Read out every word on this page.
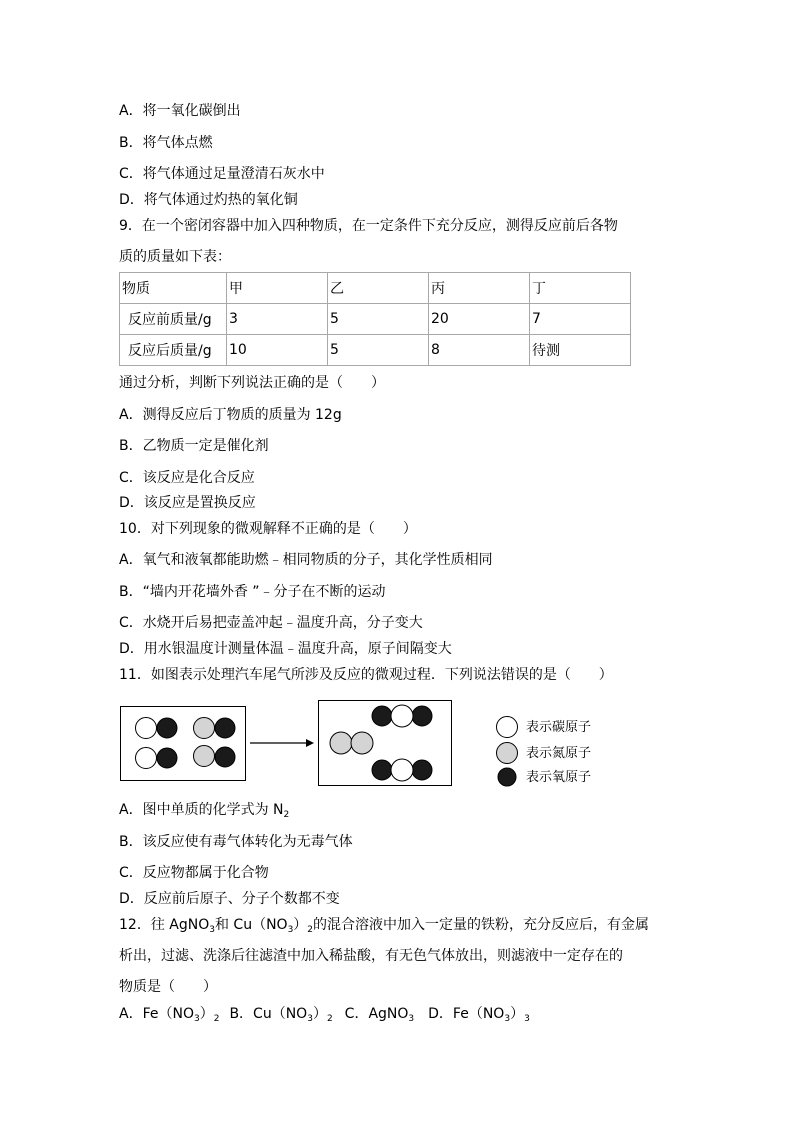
A．将一氧化碳倒出
B．将气体点燃
C．将气体通过足量澄清石灰水中
D．将气体通过灼热的氧化铜
9．在一个密闭容器中加入四种物质，在一定条件下充分反应，测得反应前后各物
质的质量如下表：
物质	甲	乙	丙	丁
反应前质量/g	3	5	20	7
反应后质量/g	10	5	8	待测
通过分析，判断下列说法正确的是（　　）
A．测得反应后丁物质的质量为 12g
B．乙物质一定是催化剂
C．该反应是化合反应
D．该反应是置换反应
10．对下列现象的微观解释不正确的是（　　）
A．氧气和液氧都能助燃﹣相同物质的分子，其化学性质相同
B．“墙内开花墙外香 ”﹣分子在不断的运动
C．水烧开后易把壶盖冲起﹣温度升高，分子变大
D．用水银温度计测量体温﹣温度升高，原子间隔变大
11．如图表示处理汽车尾气所涉及反应的微观过程．下列说法错误的是（　　）
表示碳原子
表示氮原子
表示氧原子
A．图中单质的化学式为 $N_2$
B．该反应使有毒气体转化为无毒气体
C．反应物都属于化合物
D．反应前后原子、分子个数都不变
12．往 AgNO$_3$和 $Cu(NO_3)_2$的混合溶液中加入一定量的铁粉，充分反应后，有金属
析出，过滤、洗涤后往滤渣中加入稀盐酸，有无色气体放出，则滤液中一定存在的
物质是（　　）
A．$Fe(NO_3)_2$ B．$Cu(NO_3)_2$ C．AgNO$_3$ D．$Fe(NO_3)_3$
